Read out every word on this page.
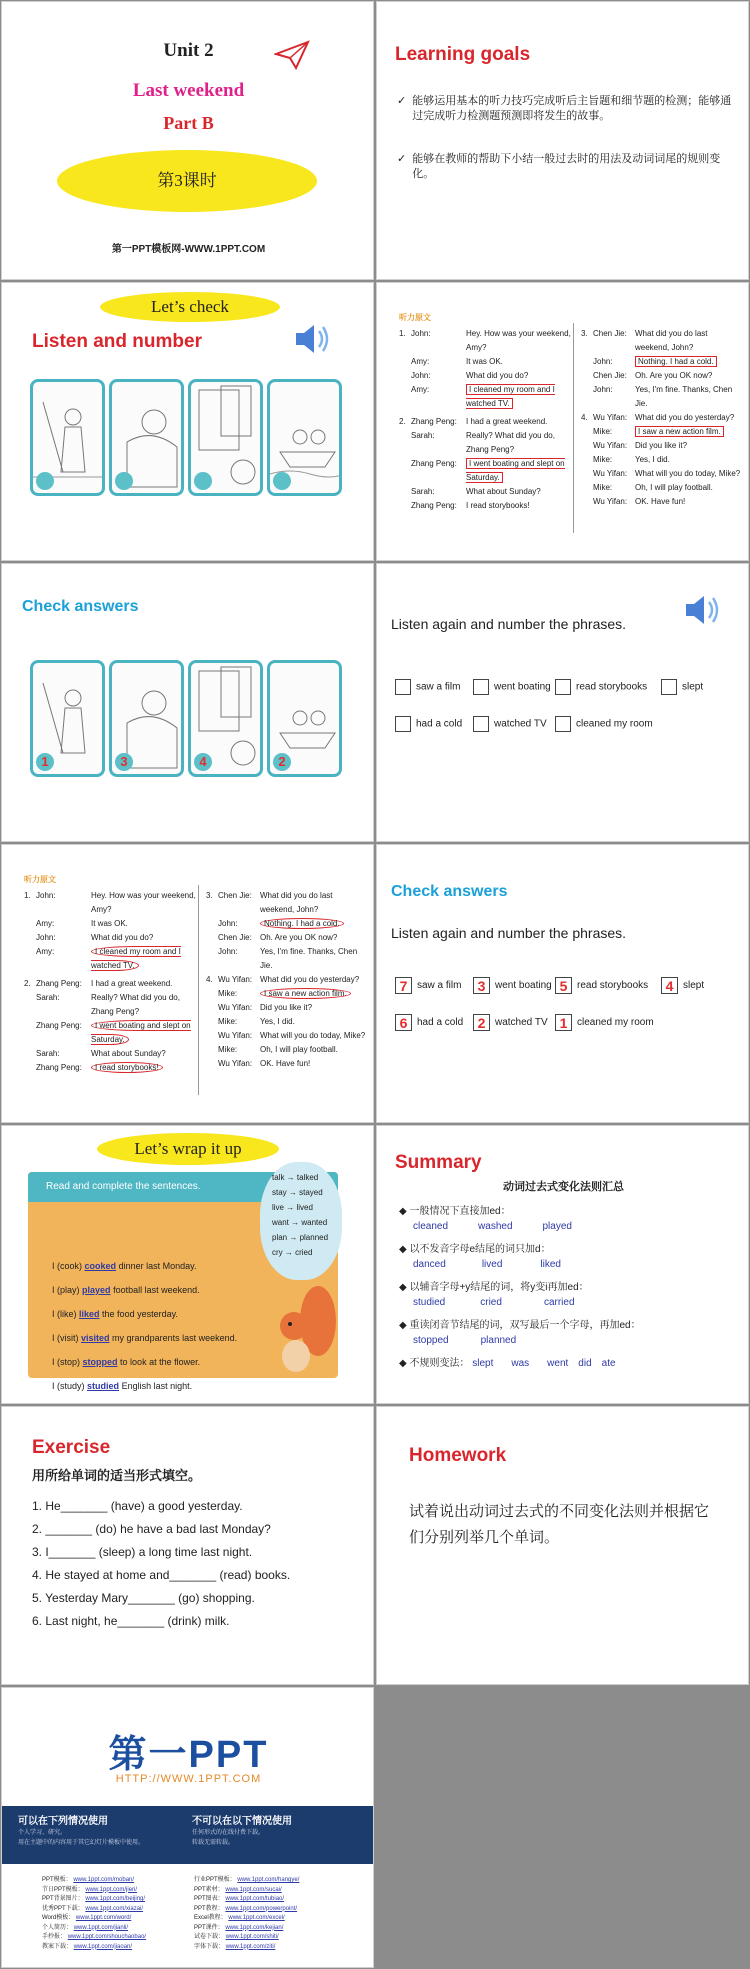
Unit 2
Last weekend
Part B
第3课时
第一PPT模板网-WWW.1PPT.COM
Learning goals
✓ 能够运用基本的听力技巧完成听后主旨题和细节题的检测；能够通过完成听力检测题预测即将发生的故事。
✓ 能够在教师的帮助下小结一般过去时的用法及动词词尾的规则变化。
Let’s check
Listen and number
听力原文
1. John:	Hey. How was your weekend, Amy?
Amy:	It was OK.
John:	What did you do?
Amy:	I cleaned my room and I watched TV.
2. Zhang Peng:	I had a great weekend.
Sarah:	Really? What did you do, Zhang Peng?
Zhang Peng:	I went boating and slept on Saturday.
Sarah:	What about Sunday?
Zhang Peng:	I read storybooks!
3. Chen Jie:	What did you do last weekend, John?
John:	Nothing. I had a cold.
Chen Jie:	Oh. Are you OK now?
John:	Yes, I'm fine. Thanks, Chen Jie.
4. Wu Yifan: What did you do yesterday?
Mike:	I saw a new action film.
Wu Yifan: Did you like it?
Mike:	Yes, I did.
Wu Yifan: What will you do today, Mike?
Mike:	Oh, I will play football.
Wu Yifan: OK. Have fun!
Check answers
1	3	4	2
Listen again and number the phrases.
saw a film	went boating	read storybooks	slept
had a cold	watched TV	cleaned my room
听力原文
1. John:	Hey. How was your weekend, Amy?
Amy:	It was OK.
John:	What did you do?
Amy:	I cleaned my room and I watched TV.
2. Zhang Peng:	I had a great weekend.
Sarah:	Really? What did you do, Zhang Peng?
Zhang Peng:	I went boating and slept on Saturday.
Sarah:	What about Sunday?
Zhang Peng:	I read storybooks!
3. Chen Jie:	What did you do last weekend, John?
John:	Nothing. I had a cold.
Chen Jie:	Oh. Are you OK now?
John:	Yes, I'm fine. Thanks, Chen Jie.
4. Wu Yifan: What did you do yesterday?
Mike:	I saw a new action film.
Wu Yifan: Did you like it?
Mike:	Yes, I did.
Wu Yifan: What will you do today, Mike?
Mike:	Oh, I will play football.
Wu Yifan: OK. Have fun!
Check answers
Listen again and number the phrases.
7 saw a film	3 went boating 5 read storybooks	4 slept
6 had a cold	2 watched TV 1 cleaned my room
Let’s wrap it up
Read and complete the sentences.
talk → talked
stay → stayed
live → lived
want → wanted
plan → planned
cry → cried
I (cook) cooked dinner last Monday.
I (play) played football last weekend.
I (like) liked the food yesterday.
I (visit) visited my grandparents last weekend.
I (stop) stopped to look at the flower.
I (study) studied English last night.
Summary
动词过去式变化法则汇总
◆ 一般情况下直接加ed：
cleaned	washed	played
◆ 以不发音字母e结尾的词只加d：
danced	lived	liked
◆ 以辅音字母+y结尾的词，将y变i再加ed：
studied	cried	carried
◆ 重读闭音节结尾的词，双写最后一个字母，再加ed：
stopped	planned
◆ 不规则变法： slept was went did ate
Exercise
用所给单词的适当形式填空。
1. He_______ (have) a good yesterday.
2. _______ (do) he have a bad last Monday?
3. I_______ (sleep) a long time last night.
4. He stayed at home and_______ (read) books.
5. Yesterday Mary_______ (go) shopping.
6. Last night, he_______ (drink) milk.
Homework
试着说出动词过去式的不同变化法则并根据它们分别列举几个单词。
第一PPT
HTTP://WWW.1PPT.COM
可以在下列情况使用
个人学习、研究。
用在主题中的内容用于其它幻灯片模板中使用。
不可以在以下情况使用
任何形式的在线付费下载。
转载无需转载。
PPT模板： www.1ppt.com/moban/
节日PPT模板： www.1ppt.com/jieri/
PPT背景图片： www.1ppt.com/beijing/
优秀PPT下载： www.1ppt.com/xiazai/
Word模板： www.1ppt.com/word/
个人简历： www.1ppt.com/jianli/
手抄报： www.1ppt.com/shouchaobao/
教案下载： www.1ppt.com/jiaoan/
行业PPT模板： www.1ppt.com/hangye/
PPT素材： www.1ppt.com/sucai/
PPT图表： www.1ppt.com/tubiao/
PPT教程： www.1ppt.com/powerpoint/
Excel教程： www.1ppt.com/excel/
PPT课件： www.1ppt.com/kejian/
试卷下载： www.1ppt.com/shiti/
字体下载： www.1ppt.com/ziti/
